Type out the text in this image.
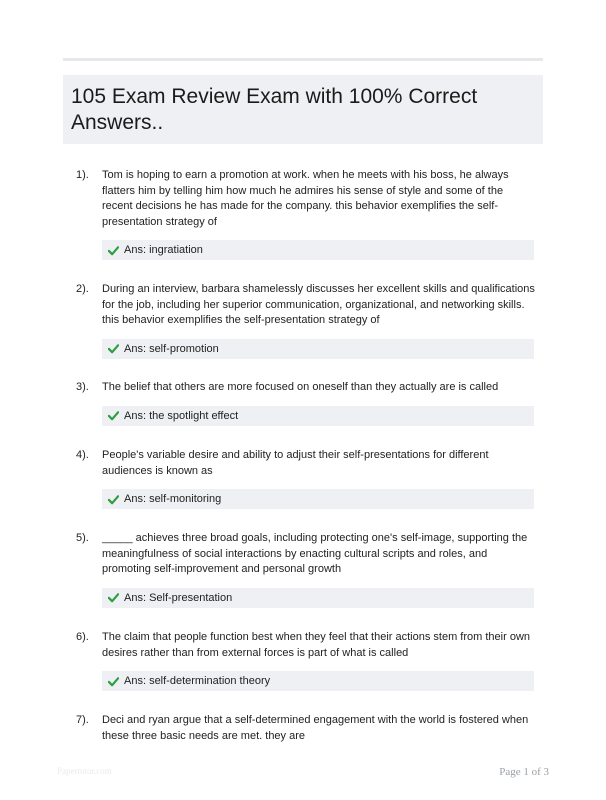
105 Exam Review Exam with 100% Correct Answers..
1). Tom is hoping to earn a promotion at work. when he meets with his boss, he always flatters him by telling him how much he admires his sense of style and some of the recent decisions he has made for the company. this behavior exemplifies the self-presentation strategy of
Ans: ingratiation
2). During an interview, barbara shamelessly discusses her excellent skills and qualifications for the job, including her superior communication, organizational, and networking skills. this behavior exemplifies the self-presentation strategy of
Ans: self-promotion
3). The belief that others are more focused on oneself than they actually are is called
Ans: the spotlight effect
4). People's variable desire and ability to adjust their self-presentations for different audiences is known as
Ans: self-monitoring
5). _____ achieves three broad goals, including protecting one's self-image, supporting the meaningfulness of social interactions by enacting cultural scripts and roles, and promoting self-improvement and personal growth
Ans: Self-presentation
6). The claim that people function best when they feel that their actions stem from their own desires rather than from external forces is part of what is called
Ans: self-determination theory
7). Deci and ryan argue that a self-determined engagement with the world is fostered when these three basic needs are met. they are
Papertutor.com	Page 1 of 3
